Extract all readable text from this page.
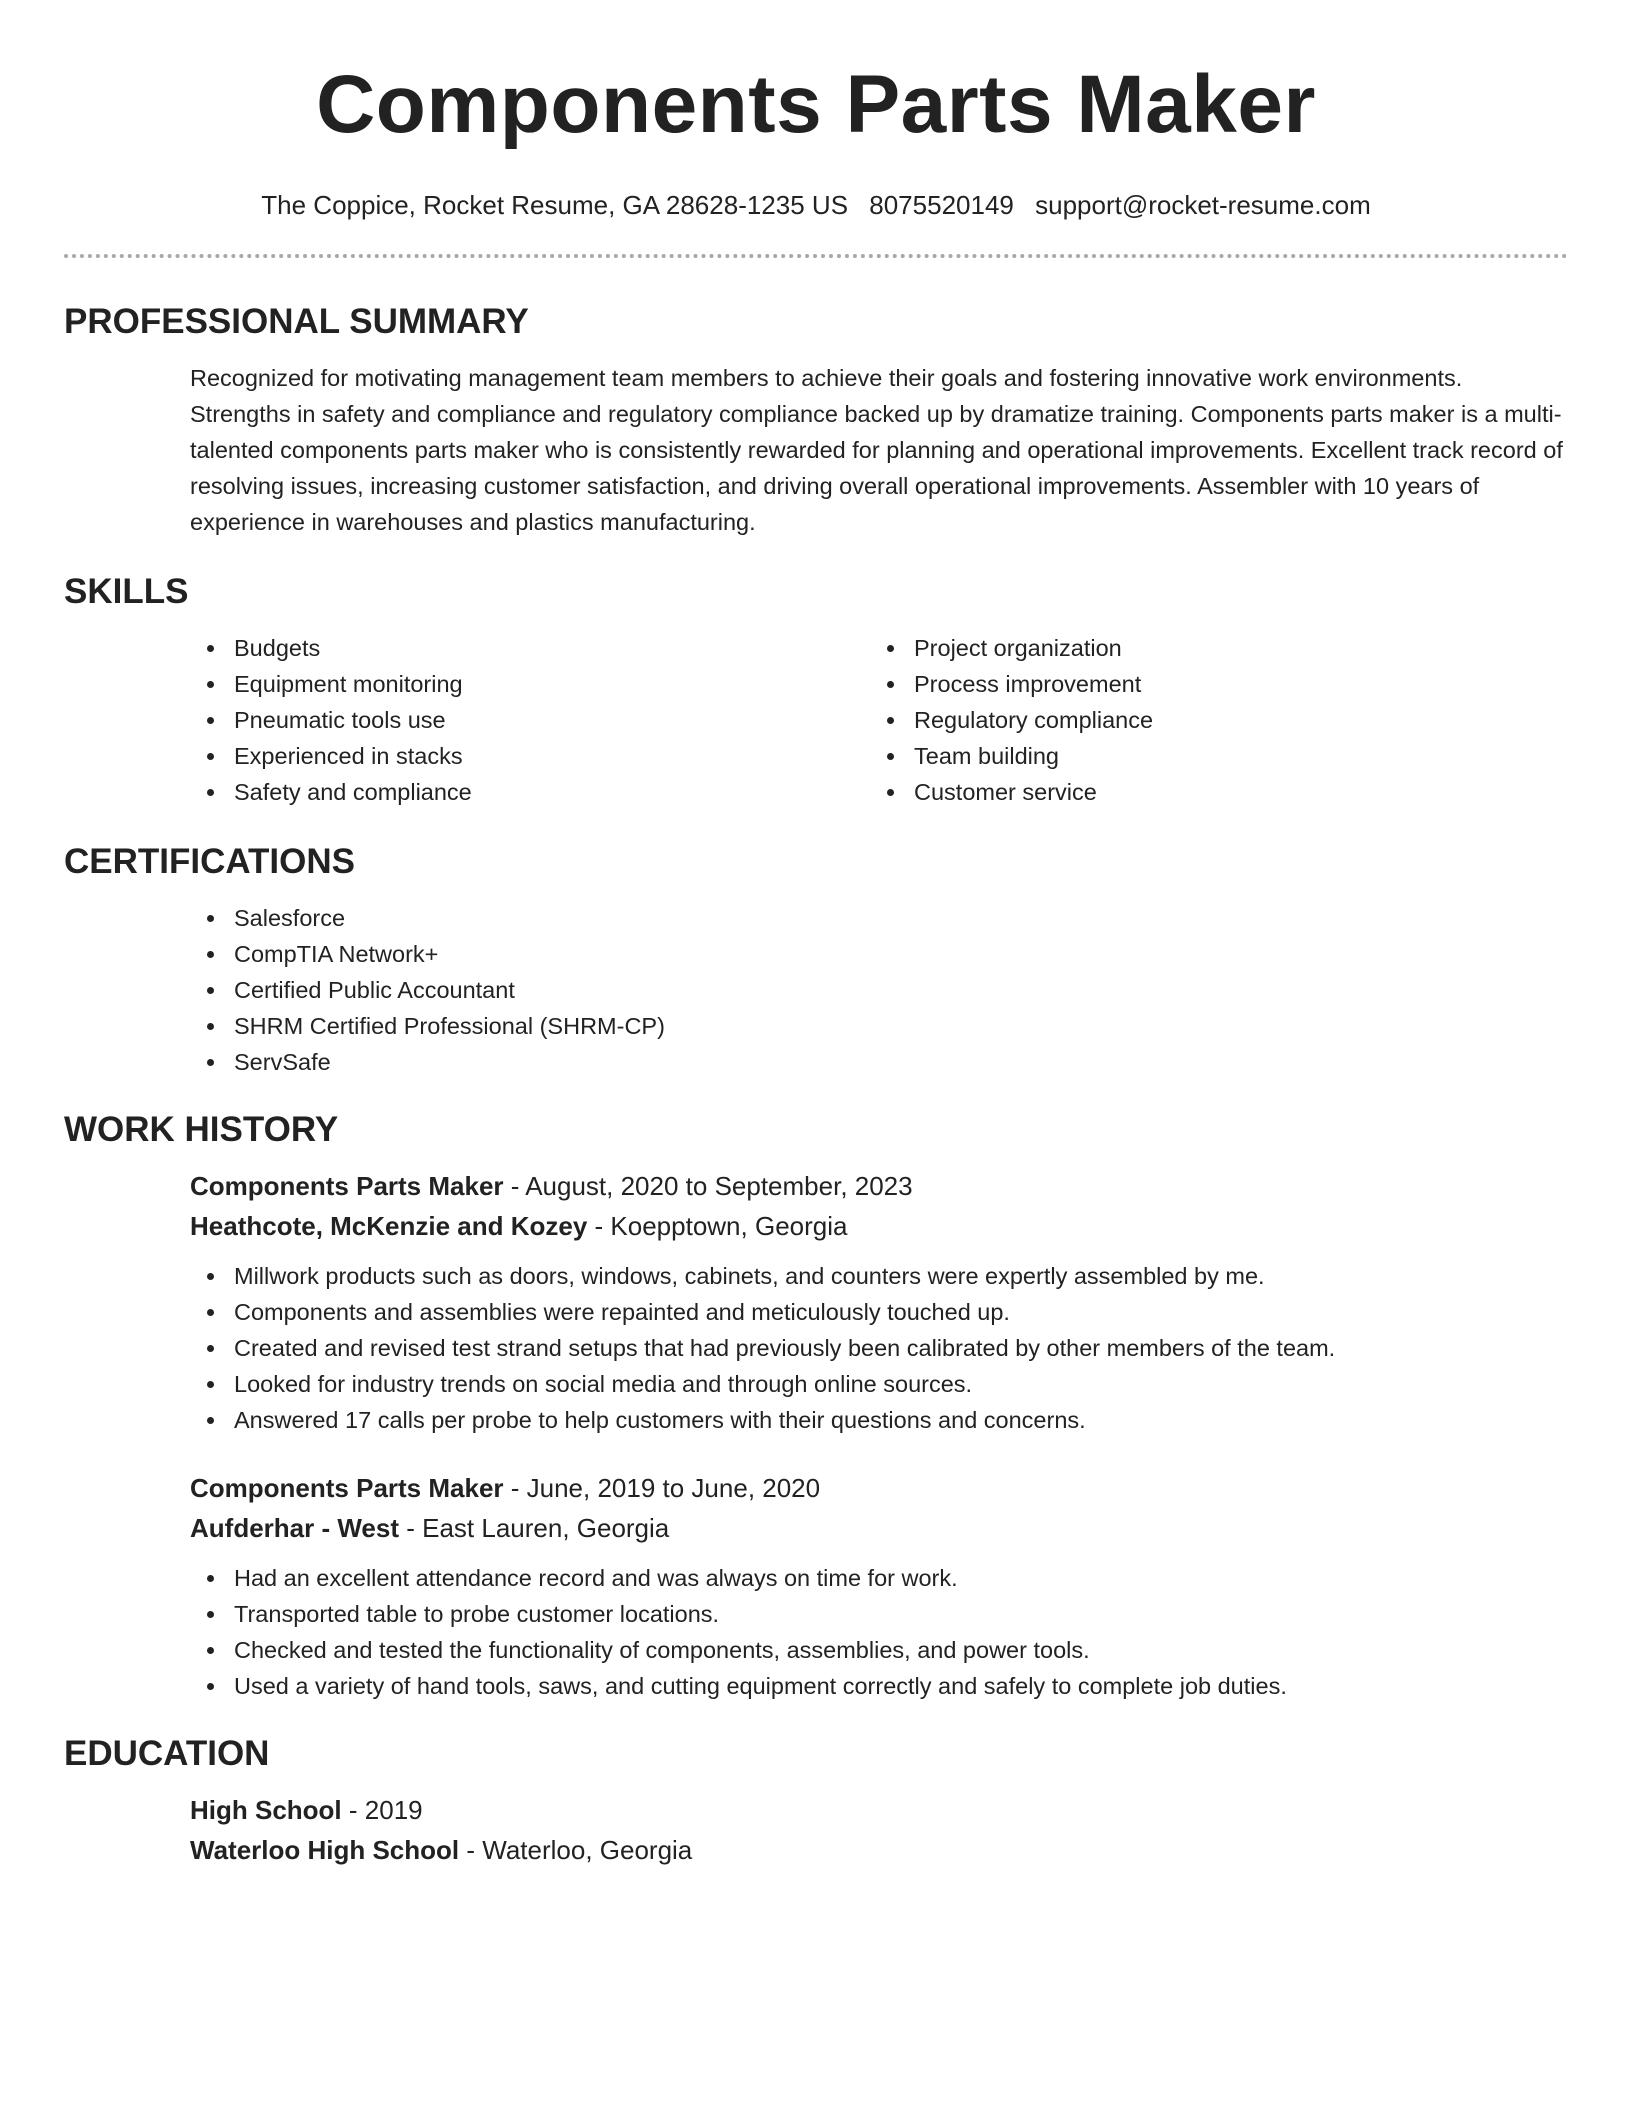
Components Parts Maker
The Coppice, Rocket Resume, GA 28628-1235 US 8075520149 support@rocket-resume.com
PROFESSIONAL SUMMARY
Recognized for motivating management team members to achieve their goals and fostering innovative work environments. Strengths in safety and compliance and regulatory compliance backed up by dramatize training. Components parts maker is a multi-talented components parts maker who is consistently rewarded for planning and operational improvements. Excellent track record of resolving issues, increasing customer satisfaction, and driving overall operational improvements. Assembler with 10 years of experience in warehouses and plastics manufacturing.
SKILLS
Budgets
Equipment monitoring
Pneumatic tools use
Experienced in stacks
Safety and compliance
Project organization
Process improvement
Regulatory compliance
Team building
Customer service
CERTIFICATIONS
Salesforce
CompTIA Network+
Certified Public Accountant
SHRM Certified Professional (SHRM-CP)
ServSafe
WORK HISTORY
Components Parts Maker - August, 2020 to September, 2023
Heathcote, McKenzie and Kozey - Koepptown, Georgia
Millwork products such as doors, windows, cabinets, and counters were expertly assembled by me.
Components and assemblies were repainted and meticulously touched up.
Created and revised test strand setups that had previously been calibrated by other members of the team.
Looked for industry trends on social media and through online sources.
Answered 17 calls per probe to help customers with their questions and concerns.
Components Parts Maker - June, 2019 to June, 2020
Aufderhar - West - East Lauren, Georgia
Had an excellent attendance record and was always on time for work.
Transported table to probe customer locations.
Checked and tested the functionality of components, assemblies, and power tools.
Used a variety of hand tools, saws, and cutting equipment correctly and safely to complete job duties.
EDUCATION
High School - 2019
Waterloo High School - Waterloo, Georgia
